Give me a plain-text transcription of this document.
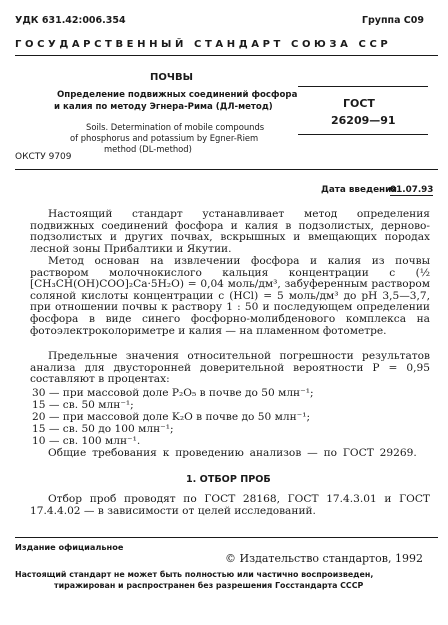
УДК 631.42:006.354	Группа С09
ГОСУДАРСТВЕННЫЙ СТАНДАРТ СОЮЗА ССР
ПОЧВЫ
Определение подвижных соединений фосфора
и калия по методу Эгнера-Рима (ДЛ-метод)
Soils. Determination of mobile compounds
of phosphorus and potassium by Egner-Riem
method (DL-method)
ГОСТ
26209—91
ОКСТУ 9709
Дата введения
01.07.93
Настоящий стандарт устанавливает метод определения подвижных соединений фосфора и калия в подзолистых, дерново-подзолистых и других почвах, вскрышных и вмещающих породах лесной зоны Прибалтики и Якутии.
Метод основан на извлечении фосфора и калия из почвы раствором молочнокислого кальция концентрации c (½ [CH₃CH(OH)COO]₂Ca·5H₂O) = 0,04 моль/дм³, забуференным раствором соляной кислоты концентрации c (HCl) = 5 моль/дм³ до pH 3,5—3,7, при отношении почвы к раствору 1 : 50 и последующем определении фосфора в виде синего фосфорно-молибденового комплекса на фотоэлектроколориметре и калия — на пламенном фотометре.
Предельные значения относительной погрешности результатов анализа для двусторонней доверительной вероятности P = 0,95 составляют в процентах:
30 — при массовой доле P₂O₅ в почве до 50 млн⁻¹;
15 — св. 50 млн⁻¹;
20 — при массовой доле K₂O в почве до 50 млн⁻¹;
15 — св. 50 до 100 млн⁻¹;
10 — св. 100 млн⁻¹.
Общие требования к проведению анализов — по ГОСТ 29269.
1. ОТБОР ПРОБ
Отбор проб проводят по ГОСТ 28168, ГОСТ 17.4.3.01 и ГОСТ 17.4.4.02 — в зависимости от целей исследований.
Издание официальное
© Издательство стандартов, 1992
Настоящий стандарт не может быть полностью или частично воспроизведен,
тиражирован и распространен без разрешения Госстандарта СССР
